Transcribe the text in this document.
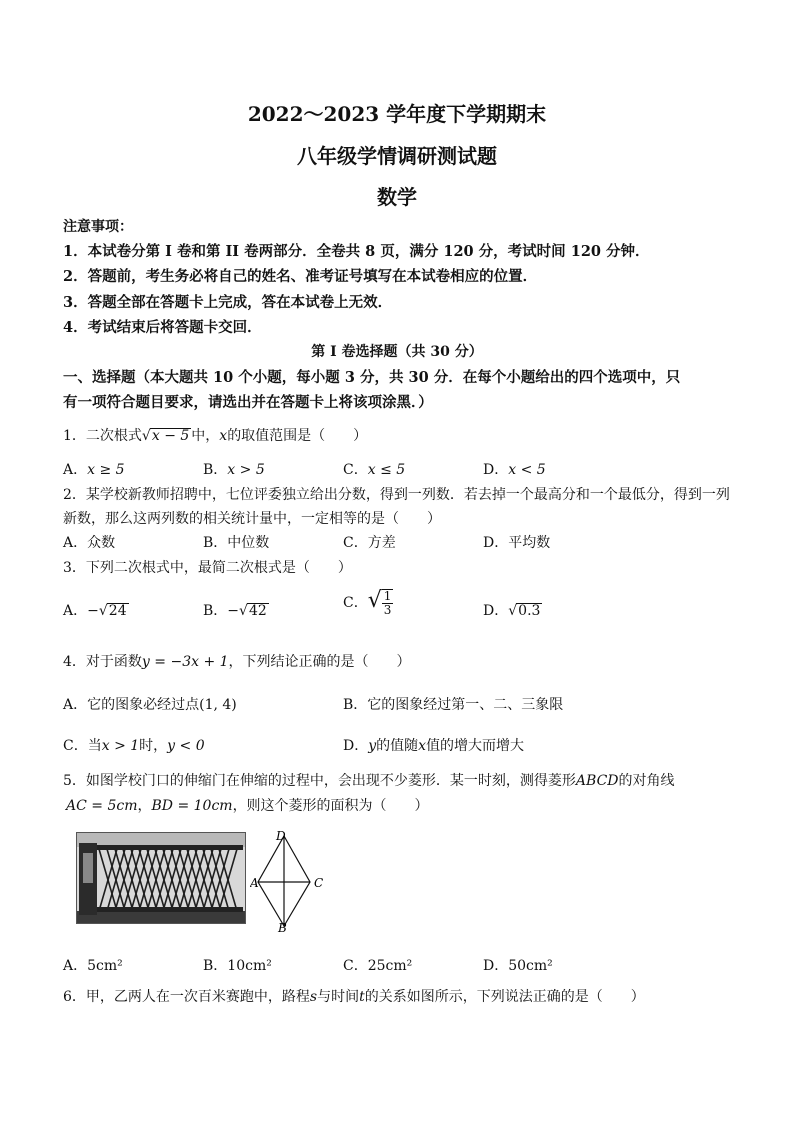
2022～2023 学年度下学期期末
八年级学情调研测试题
数学
注意事项：
1．本试卷分第 I 卷和第 II 卷两部分．全卷共 8 页，满分 120 分，考试时间 120 分钟．
2．答题前，考生务必将自己的姓名、准考证号填写在本试卷相应的位置．
3．答题全部在答题卡上完成，答在本试卷上无效．
4．考试结束后将答题卡交回．
第 I 卷选择题（共 30 分）
一、选择题（本大题共 10 个小题，每小题 3 分，共 30 分．在每个小题给出的四个选项中，只
有一项符合题目要求，请选出并在答题卡上将该项涂黑．）
1．二次根式√x − 5 中，x的取值范围是（　　）
A．x ≥ 5	B．x > 5	C．x ≤ 5	D．x < 5
2．某学校新教师招聘中，七位评委独立给出分数，得到一列数．若去掉一个最高分和一个最低分，得到一列
新数，那么这两列数的相关统计量中，一定相等的是（　　）
A．众数	B．中位数	C．方差	D．平均数
3．下列二次根式中，最简二次根式是（　　）
A．−√24	B．−√42	C．√ $\frac{1}{3}$	D．√0.3
4．对于函数y = −3x + 1，下列结论正确的是（　　）
A．它的图象必经过点(1, 4)	B．它的图象经过第一、二、三象限
C．当x > 1时，y < 0	D．y的值随x值的增大而增大
5．如图学校门口的伸缩门在伸缩的过程中，会出现不少菱形．某一时刻，测得菱形ABCD的对角线
AC = 5cm，BD = 10cm，则这个菱形的面积为（　　）
D
A	C
B
A．5cm²	B．10cm²	C．25cm²	D．50cm²
6．甲，乙两人在一次百米赛跑中，路程s与时间t的关系如图所示，下列说法正确的是（　　）
